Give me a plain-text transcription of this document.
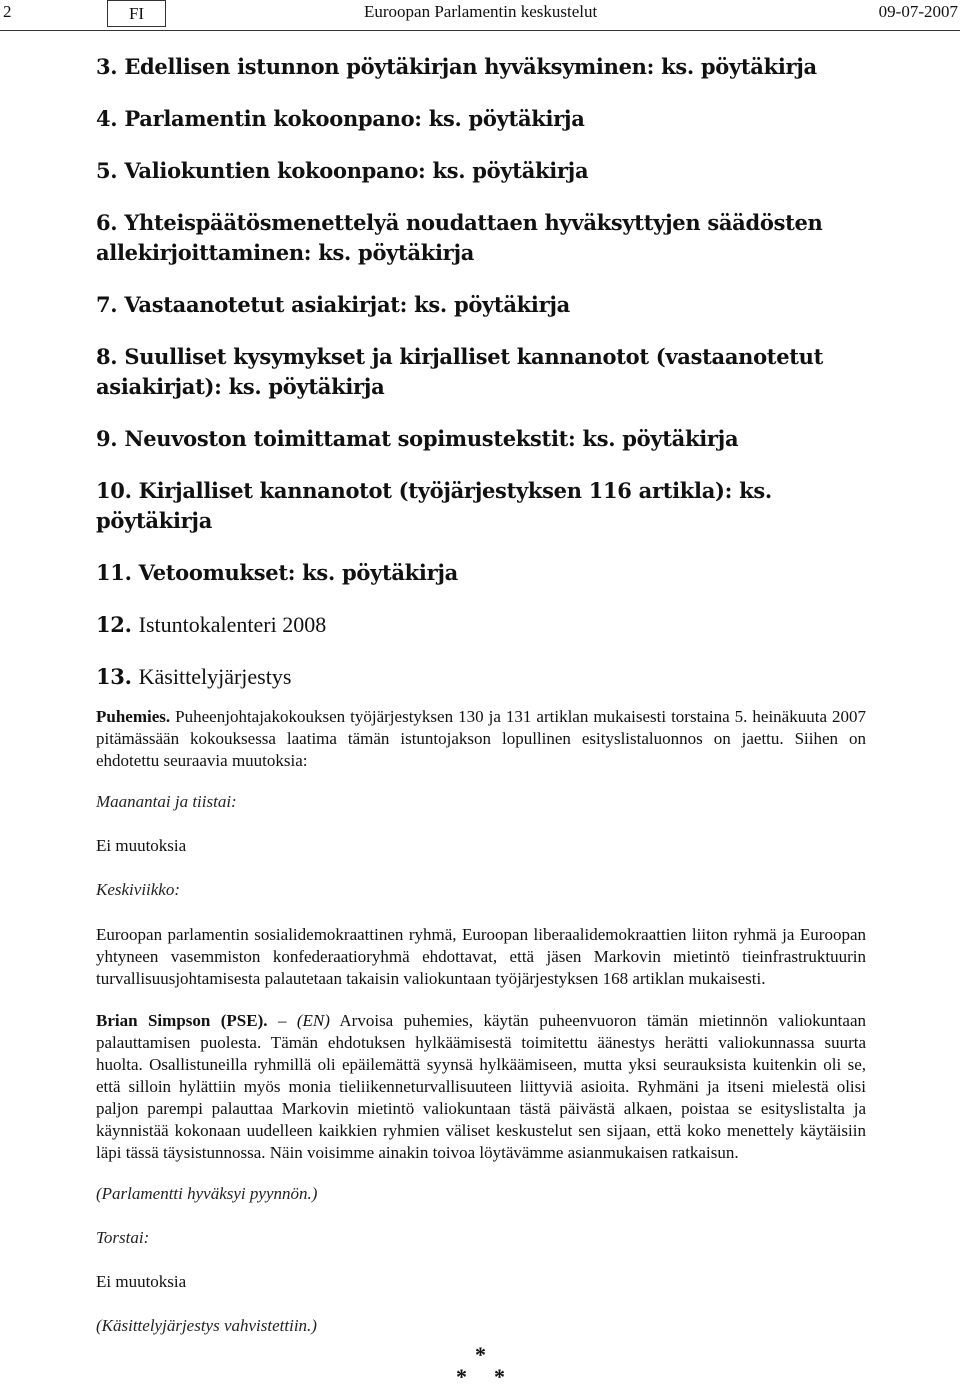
2	FI	Euroopan Parlamentin keskustelut	09-07-2007
3. Edellisen istunnon pöytäkirjan hyväksyminen: ks. pöytäkirja
4. Parlamentin kokoonpano: ks. pöytäkirja
5. Valiokuntien kokoonpano: ks. pöytäkirja
6. Yhteispäätösmenettelyä noudattaen hyväksyttyjen säädösten allekirjoittaminen: ks. pöytäkirja
7. Vastaanotetut asiakirjat: ks. pöytäkirja
8. Suulliset kysymykset ja kirjalliset kannanotot (vastaanotetut asiakirjat): ks. pöytäkirja
9. Neuvoston toimittamat sopimustekstit: ks. pöytäkirja
10. Kirjalliset kannanotot (työjärjestyksen 116 artikla): ks. pöytäkirja
11. Vetoomukset: ks. pöytäkirja
12. Istuntokalenteri 2008
13. Käsittelyjärjestys

Puhemies. Puheenjohtajakokouksen työjärjestyksen 130 ja 131 artiklan mukaisesti torstaina 5. heinäkuuta 2007 pitämässään kokouksessa laatima tämän istuntojakson lopullinen esityslistaluonnos on jaettu. Siihen on ehdotettu seuraavia muutoksia:

Maanantai ja tiistai:

Ei muutoksia

Keskiviikko:

Euroopan parlamentin sosialidemokraattinen ryhmä, Euroopan liberaalidemokraattien liiton ryhmä ja Euroopan yhtyneen vasemmiston konfederaatioryhmä ehdottavat, että jäsen Markovin mietintö tieinfrastruktuurin turvallisuusjohtamisesta palautetaan takaisin valiokuntaan työjärjestyksen 168 artiklan mukaisesti.

Brian Simpson (PSE). – (EN) Arvoisa puhemies, käytän puheenvuoron tämän mietinnön valiokuntaan palauttamisen puolesta. Tämän ehdotuksen hylkäämisestä toimitettu äänestys herätti valiokunnassa suurta huolta. Osallistuneilla ryhmillä oli epäilemättä syynsä hylkäämiseen, mutta yksi seurauksista kuitenkin oli se, että silloin hylättiin myös monia tieliikenneturvallisuuteen liittyviä asioita. Ryhmäni ja itseni mielestä olisi paljon parempi palauttaa Markovin mietintö valiokuntaan tästä päivästä alkaen, poistaa se esityslistalta ja käynnistää kokonaan uudelleen kaikkien ryhmien väliset keskustelut sen sijaan, että koko menettely käytäisiin läpi tässä täysistunnossa. Näin voisimme ainakin toivoa löytävämme asianmukaisen ratkaisun.

(Parlamentti hyväksyi pyynnön.)

Torstai:

Ei muutoksia

(Käsittelyjärjestys vahvistettiin.)

*
* *
